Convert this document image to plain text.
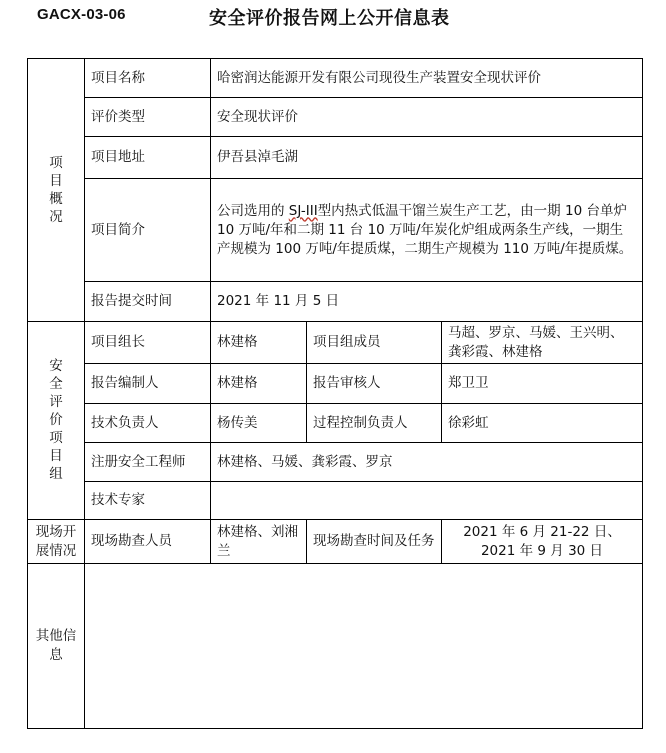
GACX-03-06	安全评价报告网上公开信息表
项目概况	项目名称	哈密润达能源开发有限公司现役生产装置安全现状评价		
	评价类型	安全现状评价		
	项目地址	伊吾县淖毛湖		
	项目简介	公司选用的 SJ-III型内热式低温干馏兰炭生产工艺，由一期 10 台单炉 10 万吨/年和二期 11 台 10 万吨/年炭化炉组成两条生产线，一期生产规模为 100 万吨/年提质煤，二期生产规模为 110 万吨/年提质煤。		
	报告提交时间	2021 年 11 月 5 日		
安全评价项目组	项目组长	林建格	项目组成员	马超、罗京、马媛、王兴明、龚彩霞、林建格
	报告编制人	林建格	报告审核人	郑卫卫
	技术负责人	杨传美	过程控制负责人	徐彩虹
	注册安全工程师	林建格、马媛、龚彩霞、罗京		
	技术专家			
现场开展情况	现场勘查人员	林建格、刘湘兰	现场勘查时间及任务	2021 年 6 月 21-22 日、2021 年 9 月 30 日
其他信息				
